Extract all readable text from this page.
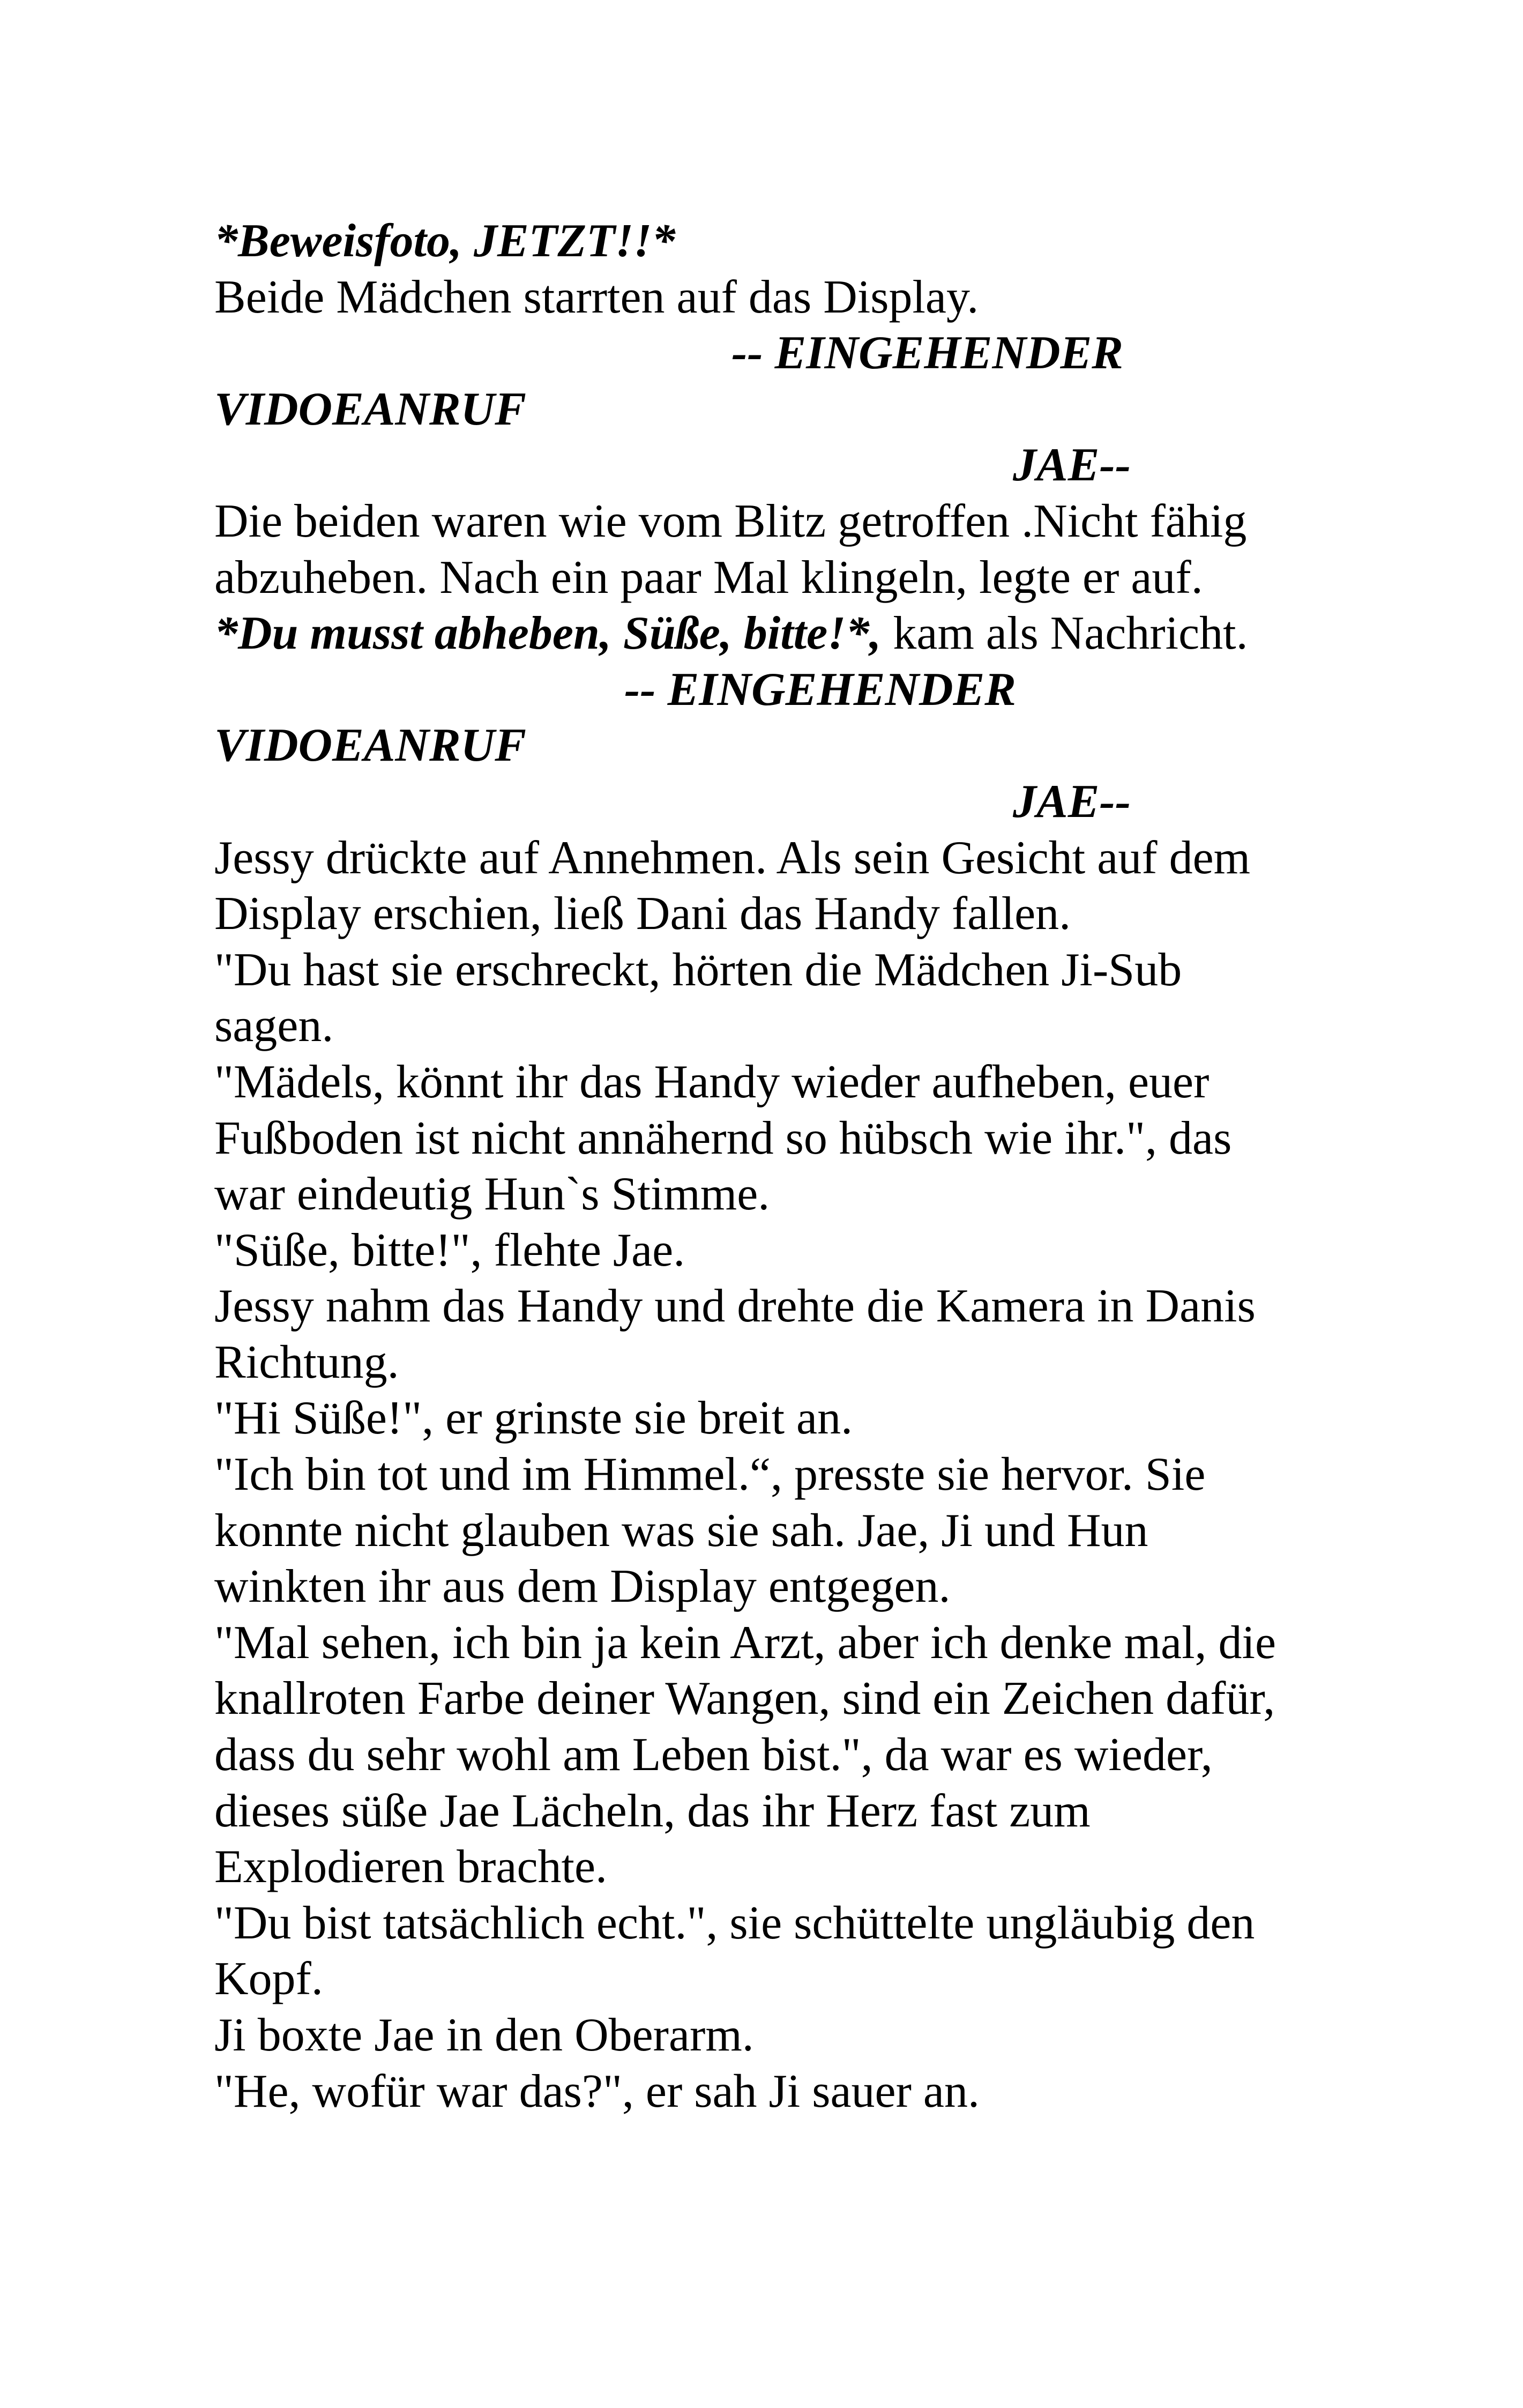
*Beweisfoto, JETZT!!*

Beide Mädchen starrten auf das Display.

-- EINGEHENDER

VIDOEANRUF

JAE--

Die beiden waren wie vom Blitz getroffen .Nicht fähig

abzuheben. Nach ein paar Mal klingeln, legte er auf.

*Du musst abheben, Süße, bitte!*, kam als Nachricht.

-- EINGEHENDER

VIDOEANRUF

JAE--

Jessy drückte auf Annehmen. Als sein Gesicht auf dem

Display erschien, ließ Dani das Handy fallen.

"Du hast sie erschreckt, hörten die Mädchen Ji-Sub

sagen.

"Mädels, könnt ihr das Handy wieder aufheben, euer

Fußboden ist nicht annähernd so hübsch wie ihr.", das

war eindeutig Hun`s Stimme.

"Süße, bitte!", flehte Jae.

Jessy nahm das Handy und drehte die Kamera in Danis

Richtung.

"Hi Süße!", er grinste sie breit an.

"Ich bin tot und im Himmel.“, presste sie hervor. Sie

konnte nicht glauben was sie sah. Jae, Ji und Hun

winkten ihr aus dem Display entgegen.

"Mal sehen, ich bin ja kein Arzt, aber ich denke mal, die

knallroten Farbe deiner Wangen, sind ein Zeichen dafür,

dass du sehr wohl am Leben bist.", da war es wieder,

dieses süße Jae Lächeln, das ihr Herz fast zum

Explodieren brachte.

"Du bist tatsächlich echt.", sie schüttelte ungläubig den

Kopf.

Ji boxte Jae in den Oberarm.

"He, wofür war das?", er sah Ji sauer an.
